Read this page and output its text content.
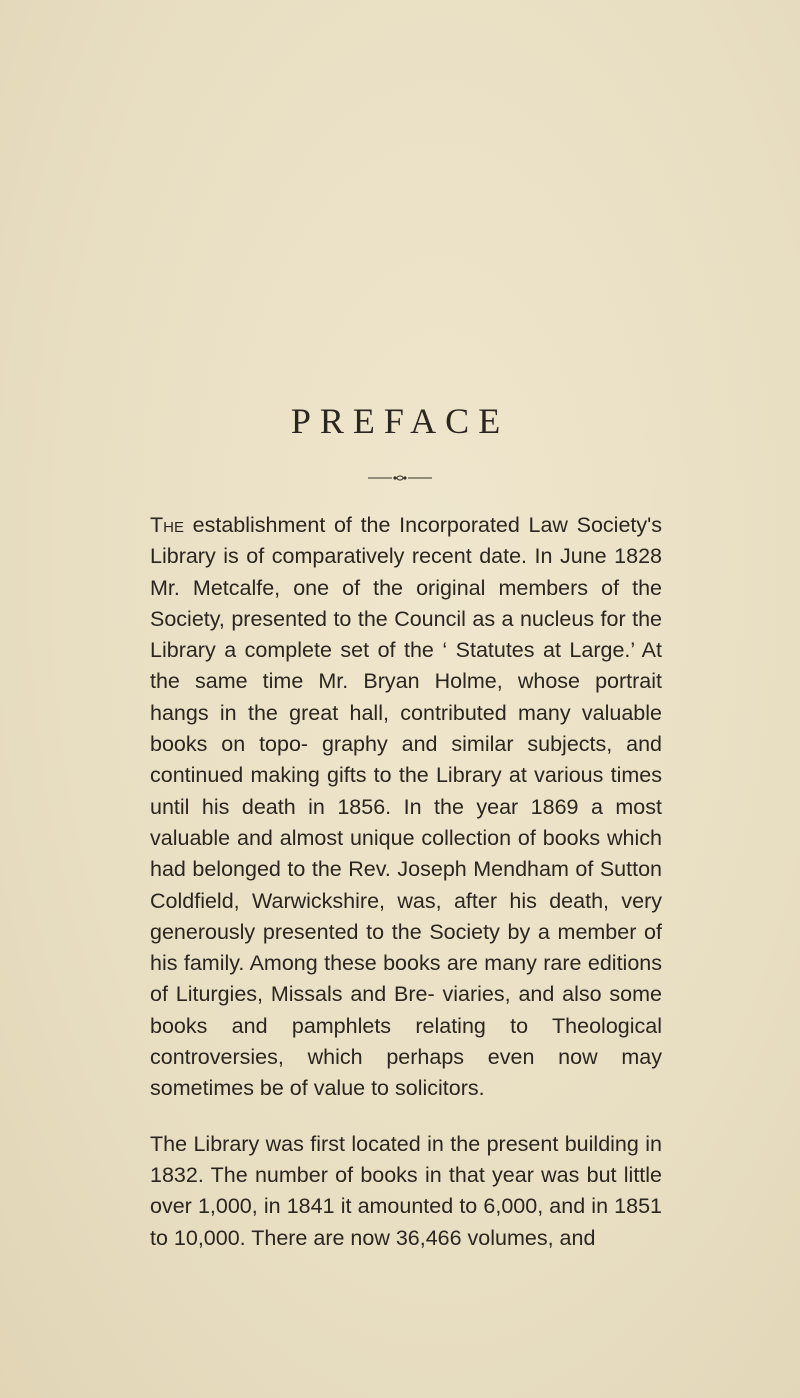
PREFACE

The establishment of the Incorporated Law Society's Library is of comparatively recent date. In June 1828 Mr. Metcalfe, one of the original members of the Society, presented to the Council as a nucleus for the Library a complete set of the ‘ Statutes at Large.’ At the same time Mr. Bryan Holme, whose portrait hangs in the great hall, contributed many valuable books on topo- graphy and similar subjects, and continued making gifts to the Library at various times until his death in 1856. In the year 1869 a most valuable and almost unique collection of books which had belonged to the Rev. Joseph Mendham of Sutton Coldfield, Warwickshire, was, after his death, very generously presented to the Society by a member of his family. Among these books are many rare editions of Liturgies, Missals and Bre- viaries, and also some books and pamphlets relating to Theological controversies, which perhaps even now may sometimes be of value to solicitors.

The Library was first located in the present building in 1832. The number of books in that year was but little over 1,000, in 1841 it amounted to 6,000, and in 1851 to 10,000. There are now 36,466 volumes, and
